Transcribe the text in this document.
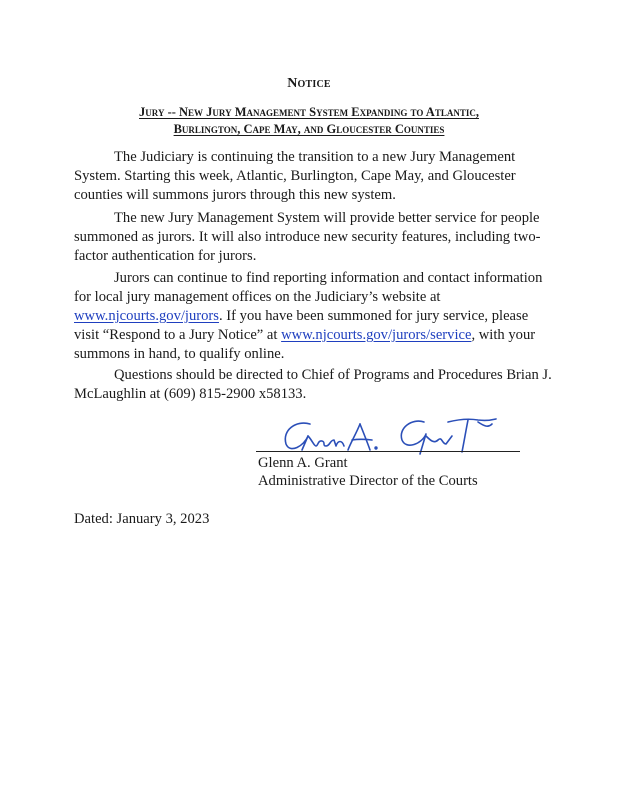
Notice
Jury -- New Jury Management System Expanding to Atlantic,
Burlington, Cape May, and Gloucester Counties

The Judiciary is continuing the transition to a new Jury Management System. Starting this week, Atlantic, Burlington, Cape May, and Gloucester counties will summons jurors through this new system.

The new Jury Management System will provide better service for people summoned as jurors. It will also introduce new security features, including two-factor authentication for jurors.

Jurors can continue to find reporting information and contact information for local jury management offices on the Judiciary’s website at www.njcourts.gov/jurors. If you have been summoned for jury service, please visit “Respond to a Jury Notice” at www.njcourts.gov/jurors/service, with your summons in hand, to qualify online.

Questions should be directed to Chief of Programs and Procedures Brian J. McLaughlin at (609) 815-2900 x58133.

Glenn A. Grant
Administrative Director of the Courts
Dated: January 3, 2023
